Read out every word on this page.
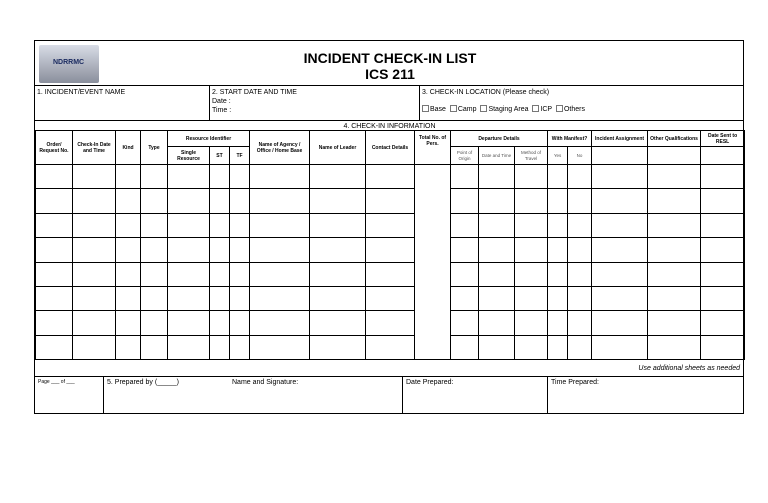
NDRRMC	INCIDENT CHECK-IN LIST
ICS 211
1. INCIDENT/EVENT NAME	2. START DATE AND TIME
Date :
Time :
3. CHECK-IN LOCATION (Please check)
Base Camp Staging Area ICP Others
4. CHECK-IN INFORMATION
Order/ Request No.	Check-In Date and Time	Kind	Type	Resource Identifier			Name of Agency / Office / Home Base	Name of Leader	Contact Details	Total No. of Pers.	Departure Details			With Manifest?		Incident Assignment	Other Qualifications	Date Sent to RESL
				Single Resource	ST	TF					Point of Origin	Date and Time	Method of Travel	Yes	No			

Use additional sheets as needed
Page ___ of ___	5. Prepared by (_____)	Name and Signature:	Date Prepared:	Time Prepared:
